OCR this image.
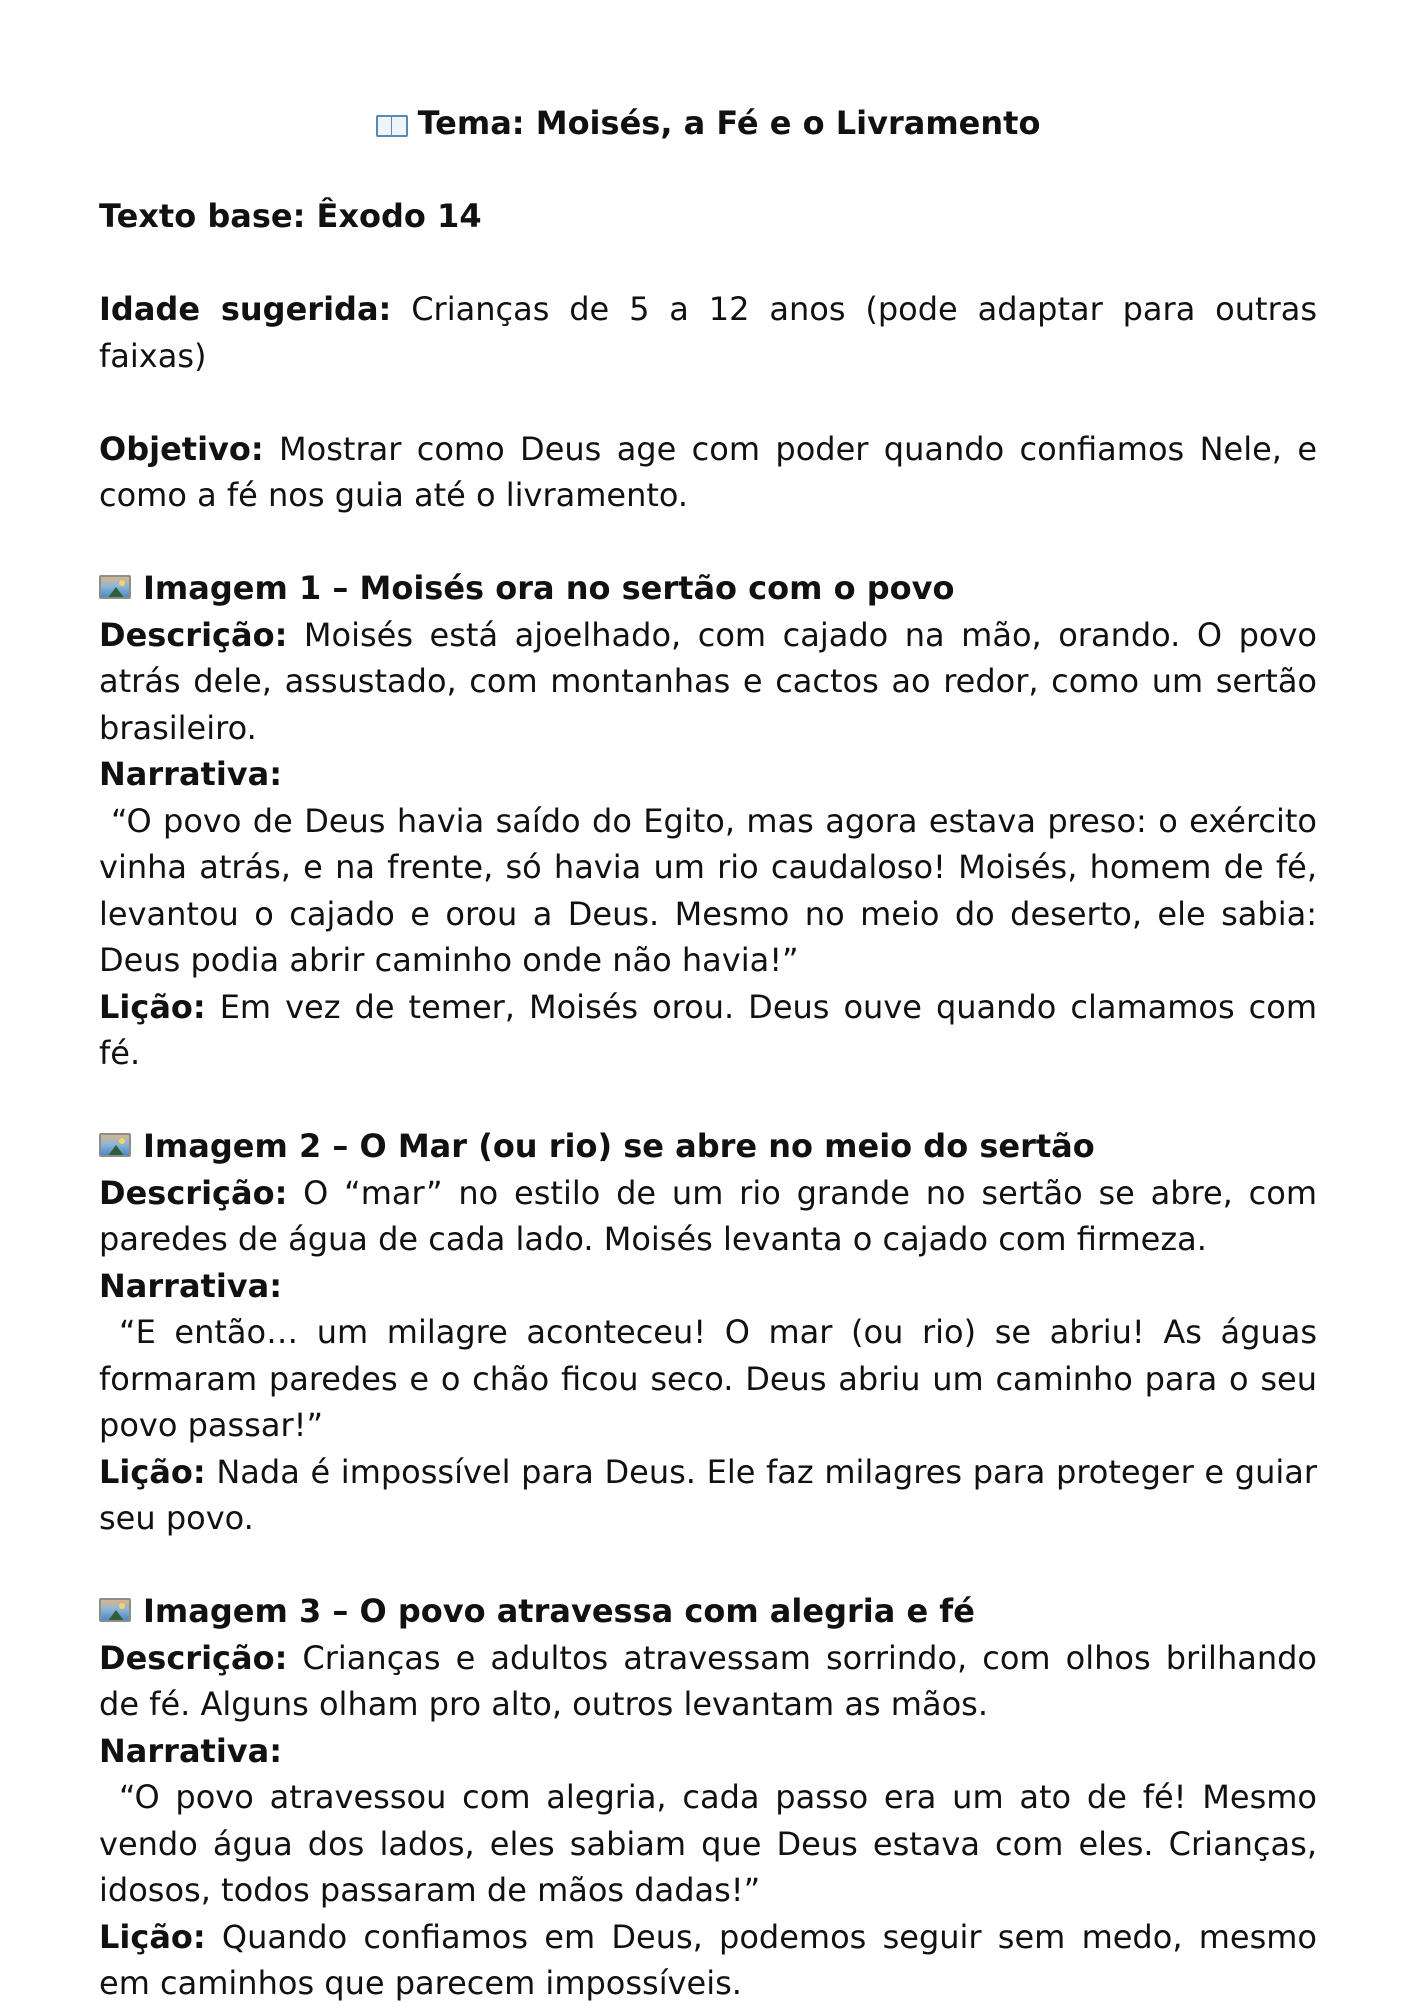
Tema: Moisés, a Fé e o Livramento

Texto base: Êxodo 14

Idade sugerida: Crianças de 5 a 12 anos (pode adaptar para outras faixas)

Objetivo: Mostrar como Deus age com poder quando confiamos Nele, e como a fé nos guia até o livramento.

Imagem 1 – Moisés ora no sertão com o povo

Descrição: Moisés está ajoelhado, com cajado na mão, orando. O povo atrás dele, assustado, com montanhas e cactos ao redor, como um sertão brasileiro.

Narrativa:

“O povo de Deus havia saído do Egito, mas agora estava preso: o exército vinha atrás, e na frente, só havia um rio caudaloso! Moisés, homem de fé, levantou o cajado e orou a Deus. Mesmo no meio do deserto, ele sabia: Deus podia abrir caminho onde não havia!”

Lição: Em vez de temer, Moisés orou. Deus ouve quando clamamos com fé.

Imagem 2 – O Mar (ou rio) se abre no meio do sertão

Descrição: O “mar” no estilo de um rio grande no sertão se abre, com paredes de água de cada lado. Moisés levanta o cajado com firmeza.

Narrativa:

“E então… um milagre aconteceu! O mar (ou rio) se abriu! As águas formaram paredes e o chão ficou seco. Deus abriu um caminho para o seu povo passar!”

Lição: Nada é impossível para Deus. Ele faz milagres para proteger e guiar seu povo.

Imagem 3 – O povo atravessa com alegria e fé

Descrição: Crianças e adultos atravessam sorrindo, com olhos brilhando de fé. Alguns olham pro alto, outros levantam as mãos.

Narrativa:

“O povo atravessou com alegria, cada passo era um ato de fé! Mesmo vendo água dos lados, eles sabiam que Deus estava com eles. Crianças, idosos, todos passaram de mãos dadas!”

Lição: Quando confiamos em Deus, podemos seguir sem medo, mesmo em caminhos que parecem impossíveis.
